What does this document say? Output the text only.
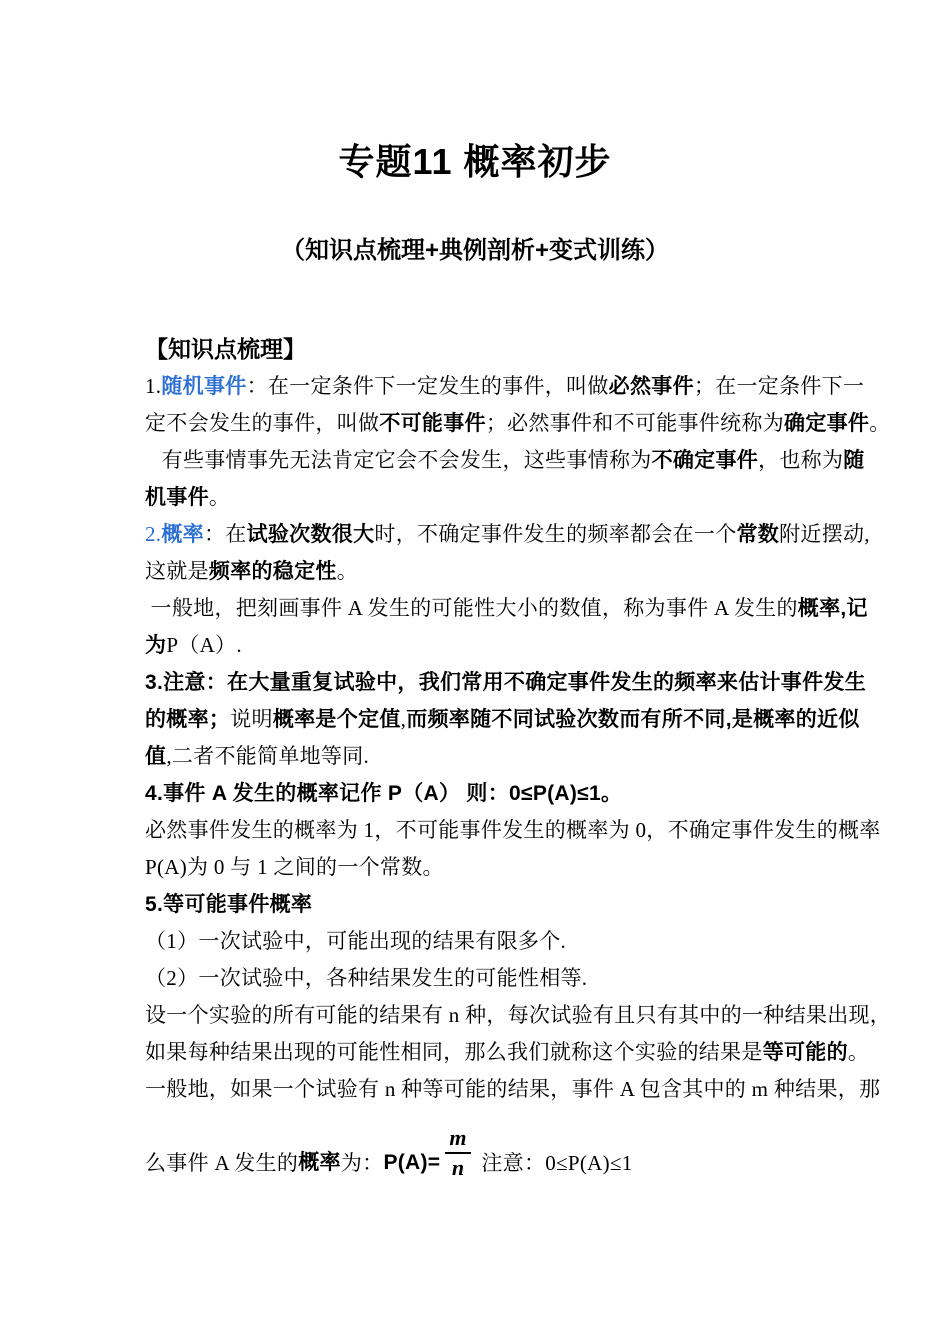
专题11 概率初步
（知识点梳理+典例剖析+变式训练）
【知识点梳理】
1.随机事件：在一定条件下一定发生的事件，叫做必然事件；在一定条件下一
定不会发生的事件，叫做不可能事件；必然事件和不可能事件统称为确定事件。
有些事情事先无法肯定它会不会发生，这些事情称为不确定事件，也称为随
机事件。
2.概率：在试验次数很大时，不确定事件发生的频率都会在一个常数附近摆动,
这就是频率的稳定性。
一般地，把刻画事件 A 发生的可能性大小的数值，称为事件 A 发生的概率,记
为P（A）.
3.注意：在大量重复试验中，我们常用不确定事件发生的频率来估计事件发生
的概率；说明概率是个定值,而频率随不同试验次数而有所不同,是概率的近似
值,二者不能简单地等同.
4.事件 A 发生的概率记作 P（A） 则：0≤P(A)≤1。
必然事件发生的概率为 1，不可能事件发生的概率为 0，不确定事件发生的概率
P(A)为 0 与 1 之间的一个常数。
5.等可能事件概率
（1）一次试验中，可能出现的结果有限多个.
（2）一次试验中，各种结果发生的可能性相等.
设一个实验的所有可能的结果有 n 种，每次试验有且只有其中的一种结果出现，
如果每种结果出现的可能性相同，那么我们就称这个实验的结果是等可能的。
一般地，如果一个试验有 n 种等可能的结果，事件 A 包含其中的 m 种结果，那
么事件 A 发生的 概率 为： $P(A)= \frac{m}{n}$ 注意：0≤P(A)≤1
